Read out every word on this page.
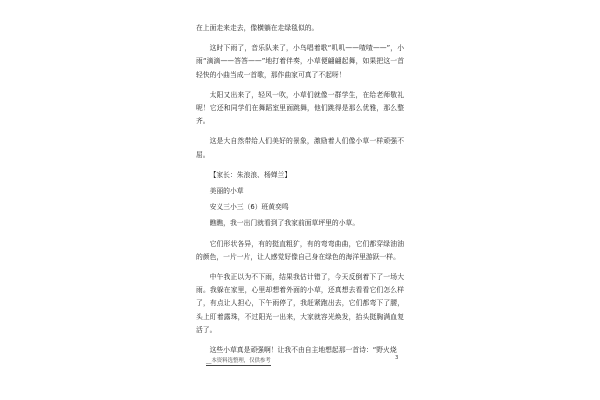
在上面走来走去，像横躺在走绿毯似的。

这时下雨了，音乐队来了，小鸟唱着歌“叽叽——喳喳——”，小雨“滴滴——答答——”地打着伴奏，小草便翩翩起舞，如果把这一首轻快的小曲当成一首歌，那作曲家可真了不起呀！

太阳又出来了，轻风一吹，小草们就像一群学生，在给老师敬礼呢！它还和同学们在舞蹈室里面跳舞，他们跳得是那么优雅，那么整齐。

这是大自然带给人们美好的景象，激励着人们像小草一样顽强不屈。

【家长：朱浪浪、杨婵兰】

美丽的小草

安义三小三（6）班黄奕鸣

瞧瞧，我一出门就看到了我家前面草坪里的小草。

它们形状各异，有的挺直粗犷，有的弯弯曲曲，它们都穿绿油油的颜色，一片一片，让人感觉好像自己身在绿色的海洋里游跃一样。

中午我正以为不下雨，结果我估计错了，今天反倒着下了一场大雨。我躲在家里，心里却想着外面的小草，还真想去看看它们怎么样了，有点让人担心，下午雨停了，我赶紧跑出去，它们都弯下了腰，头上盯着露珠，不过阳光一出来，大家就容光焕发，抬头挺胸满血复活了。

这些小草真是顽强啊！让我不由自主地想起那一首诗：“野火烧

__本资料选整理，仅供参考	3
